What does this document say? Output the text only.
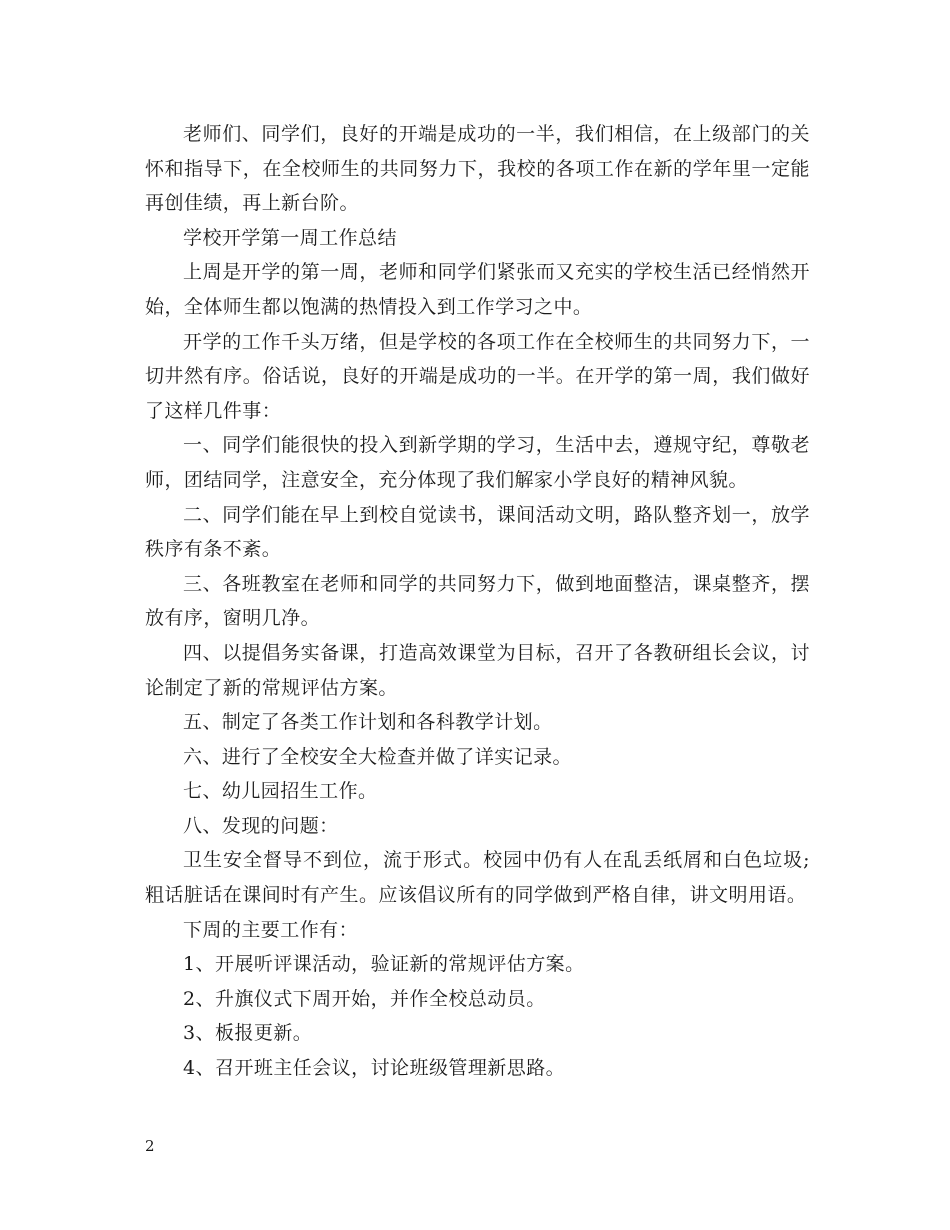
老师们、同学们，良好的开端是成功的一半，我们相信，在上级部门的关怀和指导下，在全校师生的共同努力下，我校的各项工作在新的学年里一定能再创佳绩，再上新台阶。

学校开学第一周工作总结

上周是开学的第一周，老师和同学们紧张而又充实的学校生活已经悄然开始，全体师生都以饱满的热情投入到工作学习之中。

开学的工作千头万绪，但是学校的各项工作在全校师生的共同努力下，一切井然有序。俗话说，良好的开端是成功的一半。在开学的第一周，我们做好了这样几件事：

一、同学们能很快的投入到新学期的学习，生活中去，遵规守纪，尊敬老师，团结同学，注意安全，充分体现了我们解家小学良好的精神风貌。

二、同学们能在早上到校自觉读书，课间活动文明，路队整齐划一，放学秩序有条不紊。

三、各班教室在老师和同学的共同努力下，做到地面整洁，课桌整齐，摆放有序，窗明几净。

四、以提倡务实备课，打造高效课堂为目标，召开了各教研组长会议，讨论制定了新的常规评估方案。

五、制定了各类工作计划和各科教学计划。

六、进行了全校安全大检查并做了详实记录。

七、幼儿园招生工作。

八、发现的问题：

卫生安全督导不到位，流于形式。校园中仍有人在乱丢纸屑和白色垃圾;粗话脏话在课间时有产生。应该倡议所有的同学做到严格自律，讲文明用语。

下周的主要工作有：

1、开展听评课活动，验证新的常规评估方案。

2、升旗仪式下周开始，并作全校总动员。

3、板报更新。

4、召开班主任会议，讨论班级管理新思路。

2
